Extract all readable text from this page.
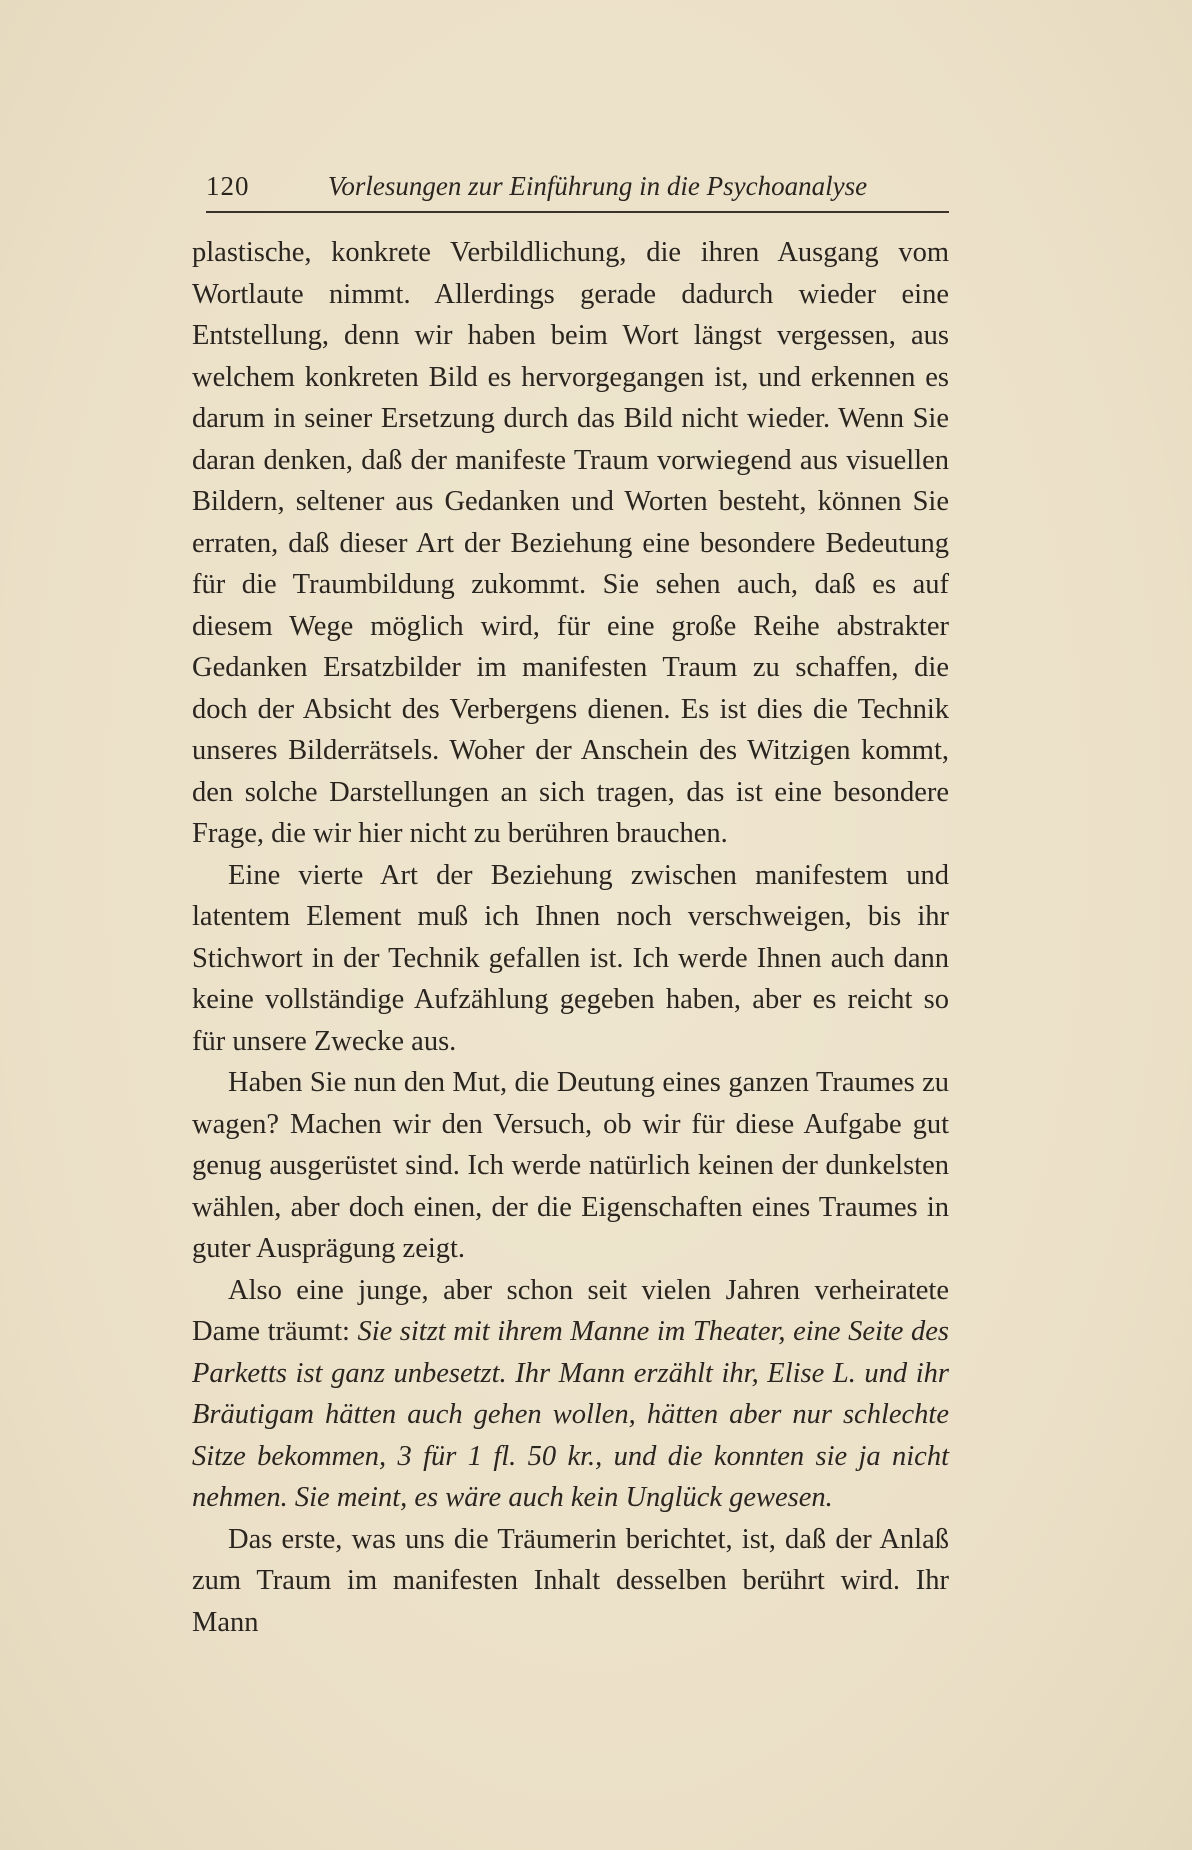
120	Vorlesungen zur Einführung in die Psychoanalyse

plastische, konkrete Verbildlichung, die ihren Ausgang vom Wortlaute nimmt. Allerdings gerade dadurch wieder eine Entstellung, denn wir haben beim Wort längst vergessen, aus welchem konkreten Bild es hervorgegangen ist, und erkennen es darum in seiner Ersetzung durch das Bild nicht wieder. Wenn Sie daran denken, daß der manifeste Traum vorwiegend aus visuellen Bildern, seltener aus Gedanken und Worten besteht, können Sie erraten, daß dieser Art der Beziehung eine besondere Bedeutung für die Traumbildung zukommt. Sie sehen auch, daß es auf diesem Wege möglich wird, für eine große Reihe abstrakter Gedanken Ersatzbilder im manifesten Traum zu schaffen, die doch der Absicht des Verbergens dienen. Es ist dies die Technik unseres Bilderrätsels. Woher der Anschein des Witzigen kommt, den solche Darstellungen an sich tragen, das ist eine besondere Frage, die wir hier nicht zu berühren brauchen.

Eine vierte Art der Beziehung zwischen manifestem und latentem Element muß ich Ihnen noch verschweigen, bis ihr Stichwort in der Technik gefallen ist. Ich werde Ihnen auch dann keine vollständige Aufzählung gegeben haben, aber es reicht so für unsere Zwecke aus.

Haben Sie nun den Mut, die Deutung eines ganzen Traumes zu wagen? Machen wir den Versuch, ob wir für diese Aufgabe gut genug ausgerüstet sind. Ich werde natürlich keinen der dunkelsten wählen, aber doch einen, der die Eigenschaften eines Traumes in guter Ausprägung zeigt.

Also eine junge, aber schon seit vielen Jahren verheiratete Dame träumt: Sie sitzt mit ihrem Manne im Theater, eine Seite des Parketts ist ganz unbesetzt. Ihr Mann erzählt ihr, Elise L. und ihr Bräutigam hätten auch gehen wollen, hätten aber nur schlechte Sitze bekommen, 3 für 1 fl. 50 kr., und die konnten sie ja nicht nehmen. Sie meint, es wäre auch kein Unglück gewesen.

Das erste, was uns die Träumerin berichtet, ist, daß der Anlaß zum Traum im manifesten Inhalt desselben berührt wird. Ihr Mann
